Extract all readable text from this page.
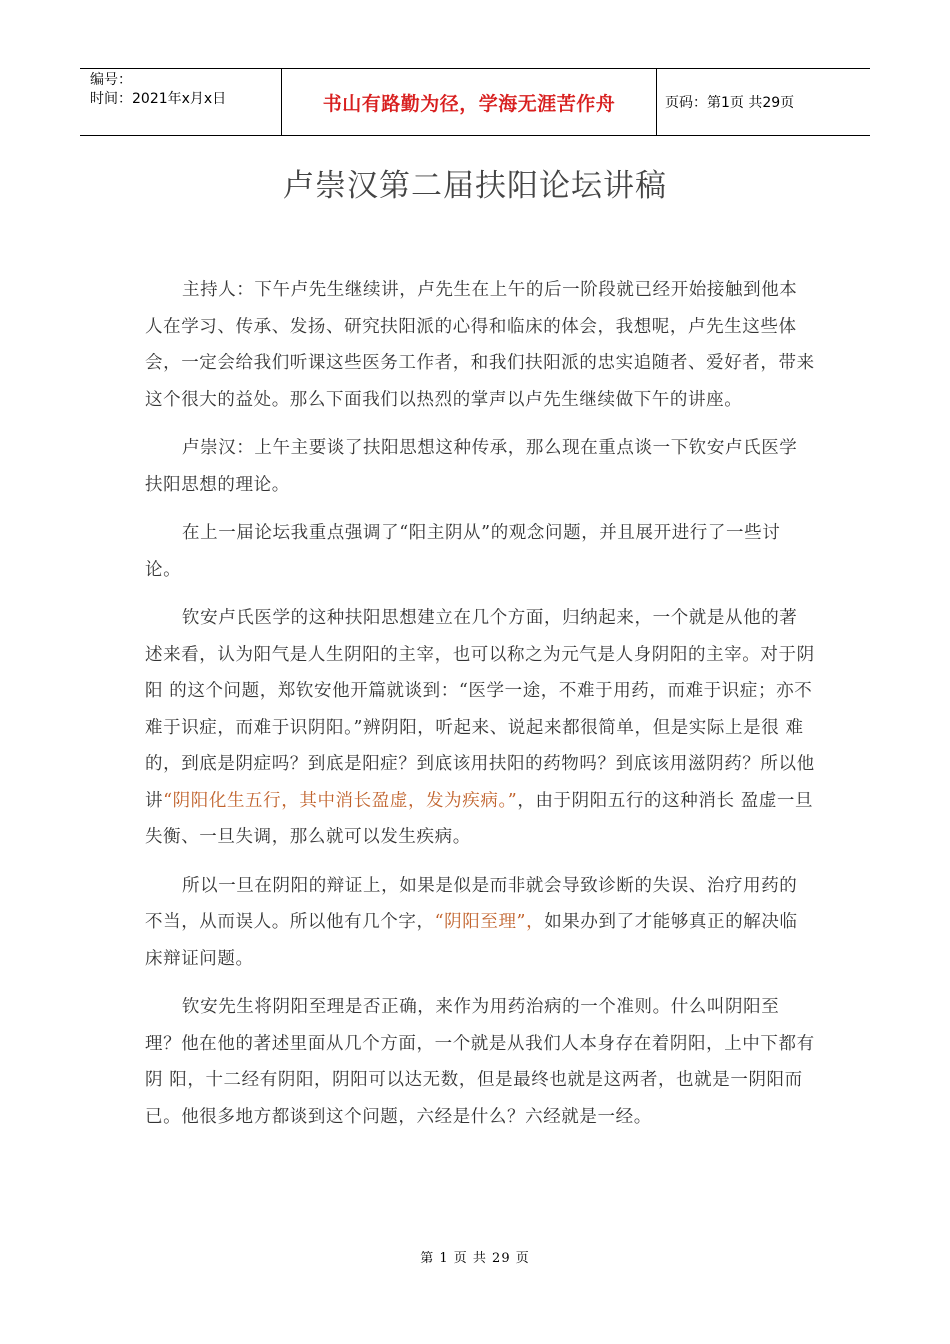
编号：
时间：2021年x月x日	书山有路勤为径，学海无涯苦作舟	页码：第1页 共29页
卢崇汉第二届扶阳论坛讲稿

主持人：下午卢先生继续讲，卢先生在上午的后一阶段就已经开始接触到他本人在学习、传承、发扬、研究扶阳派的心得和临床的体会，我想呢，卢先生这些体 会，一定会给我们听课这些医务工作者，和我们扶阳派的忠实追随者、爱好者，带来这个很大的益处。那么下面我们以热烈的掌声以卢先生继续做下午的讲座。

卢崇汉：上午主要谈了扶阳思想这种传承，那么现在重点谈一下钦安卢氏医学扶阳思想的理论。

在上一届论坛我重点强调了“阳主阴从”的观念问题，并且展开进行了一些讨论。

钦安卢氏医学的这种扶阳思想建立在几个方面，归纳起来，一个就是从他的著述来看，认为阳气是人生阴阳的主宰，也可以称之为元气是人身阴阳的主宰。对于阴阳 的这个问题，郑钦安他开篇就谈到：“医学一途，不难于用药，而难于识症；亦不难于识症，而难于识阴阳。”辨阴阳，听起来、说起来都很简单，但是实际上是很 难的，到底是阴症吗？到底是阳症？到底该用扶阳的药物吗？到底该用滋阴药？所以他讲“阴阳化生五行，其中消长盈虚，发为疾病。”，由于阴阳五行的这种消长 盈虚一旦失衡、一旦失调，那么就可以发生疾病。

所以一旦在阴阳的辩证上，如果是似是而非就会导致诊断的失误、治疗用药的不当，从而误人。所以他有几个字，“阴阳至理”，如果办到了才能够真正的解决临床辩证问题。

钦安先生将阴阳至理是否正确，来作为用药治病的一个准则。什么叫阴阳至理？他在他的著述里面从几个方面，一个就是从我们人本身存在着阴阳，上中下都有阴 阳，十二经有阴阳，阴阳可以达无数，但是最终也就是这两者，也就是一阴阳而已。他很多地方都谈到这个问题，六经是什么？六经就是一经。

第 1 页 共 29 页
